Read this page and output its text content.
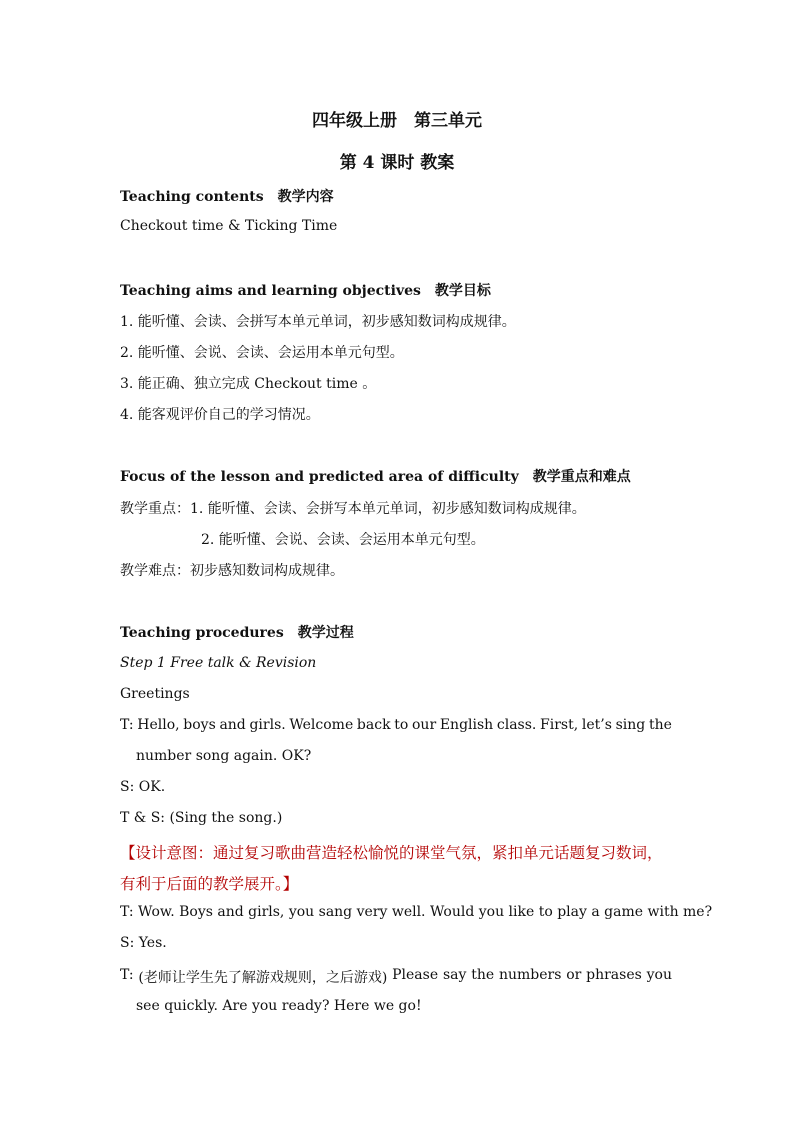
四年级上册　第三单元
第 4 课时 教案
Teaching contents　教学内容
Checkout time & Ticking Time
Teaching aims and learning objectives　教学目标
1. 能听懂、会读、会拼写本单元单词，初步感知数词构成规律。
2. 能听懂、会说、会读、会运用本单元句型。
3. 能正确、独立完成 Checkout time 。
4. 能客观评价自己的学习情况。
Focus of the lesson and predicted area of difficulty　教学重点和难点
教学重点：1. 能听懂、会读、会拼写本单元单词，初步感知数词构成规律。
2. 能听懂、会说、会读、会运用本单元句型。
教学难点：初步感知数词构成规律。
Teaching procedures　教学过程
Step 1 Free talk & Revision
Greetings
T: Hello, boys and girls. Welcome back to our English class. First, let’s sing the
number song again. OK?
S: OK.
T & S: (Sing the song.)
【设计意图：通过复习歌曲营造轻松愉悦的课堂气氛，紧扣单元话题复习数词，
有利于后面的教学展开。】
T: Wow. Boys and girls, you sang very well. Would you like to play a game with me?
S: Yes.
T: (老师让学生先了解游戏规则，之后游戏) Please say the numbers or phrases you
see quickly. Are you ready? Here we go!
